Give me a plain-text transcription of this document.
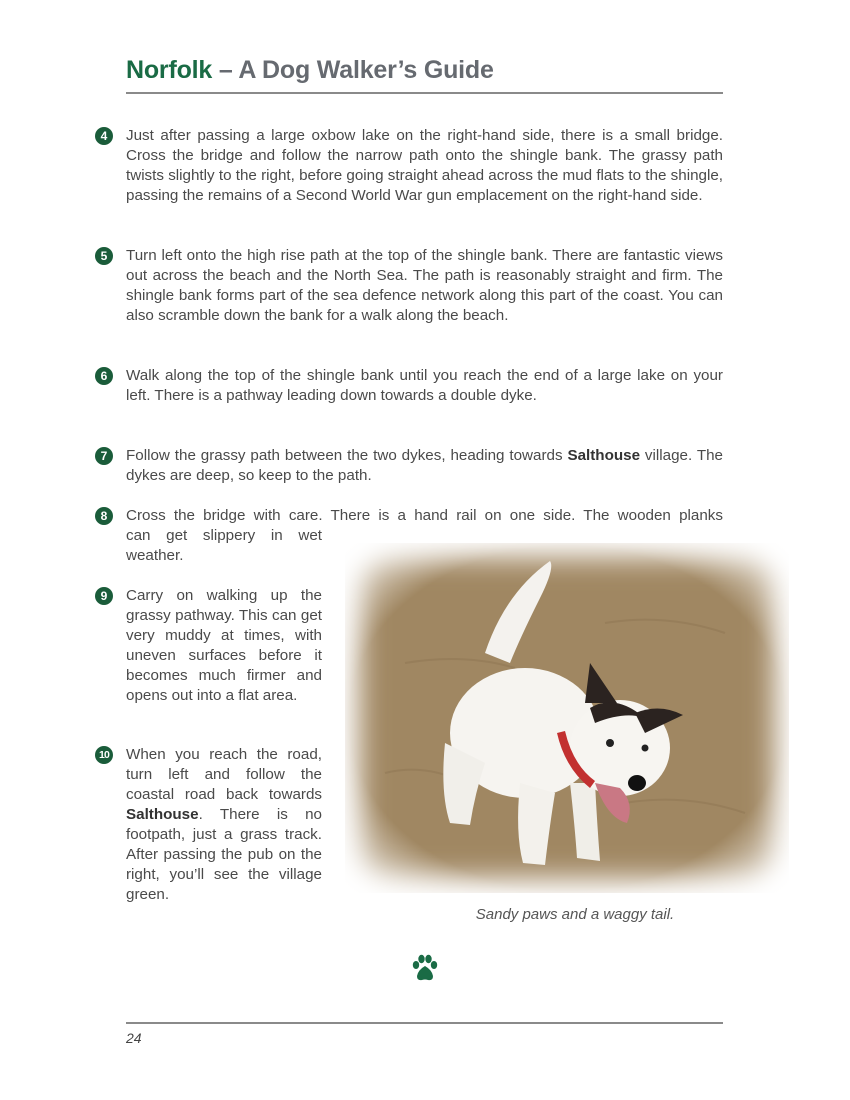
Norfolk – A Dog Walker’s Guide
4	Just after passing a large oxbow lake on the right-hand side, there is a small bridge. Cross the bridge and follow the narrow path onto the shingle bank. The grassy path twists slightly to the right, before going straight ahead across the mud flats to the shingle, passing the remains of a Second World War gun emplacement on the right-hand side.
5	Turn left onto the high rise path at the top of the shingle bank. There are fantastic views out across the beach and the North Sea. The path is reasonably straight and firm. The shingle bank forms part of the sea defence network along this part of the coast. You can also scramble down the bank for a walk along the beach.
6	Walk along the top of the shingle bank until you reach the end of a large lake on your left. There is a pathway leading down towards a double dyke.
7	Follow the grassy path between the two dykes, heading towards Salthouse village. The dykes are deep, so keep to the path.
8	Cross the bridge with care. There is a hand rail on one side. The wooden planks
can get slippery in wet weather.
9	Carry on walking up the grassy pathway. This can get very muddy at times, with uneven surfaces before it becomes much firmer and opens out into a flat area.
10 When you reach the road, turn left and follow the coastal road back towards Salthouse. There is no footpath, just a grass track. After passing the pub on the right, you’ll see the village green.
Sandy paws and a waggy tail.
24
